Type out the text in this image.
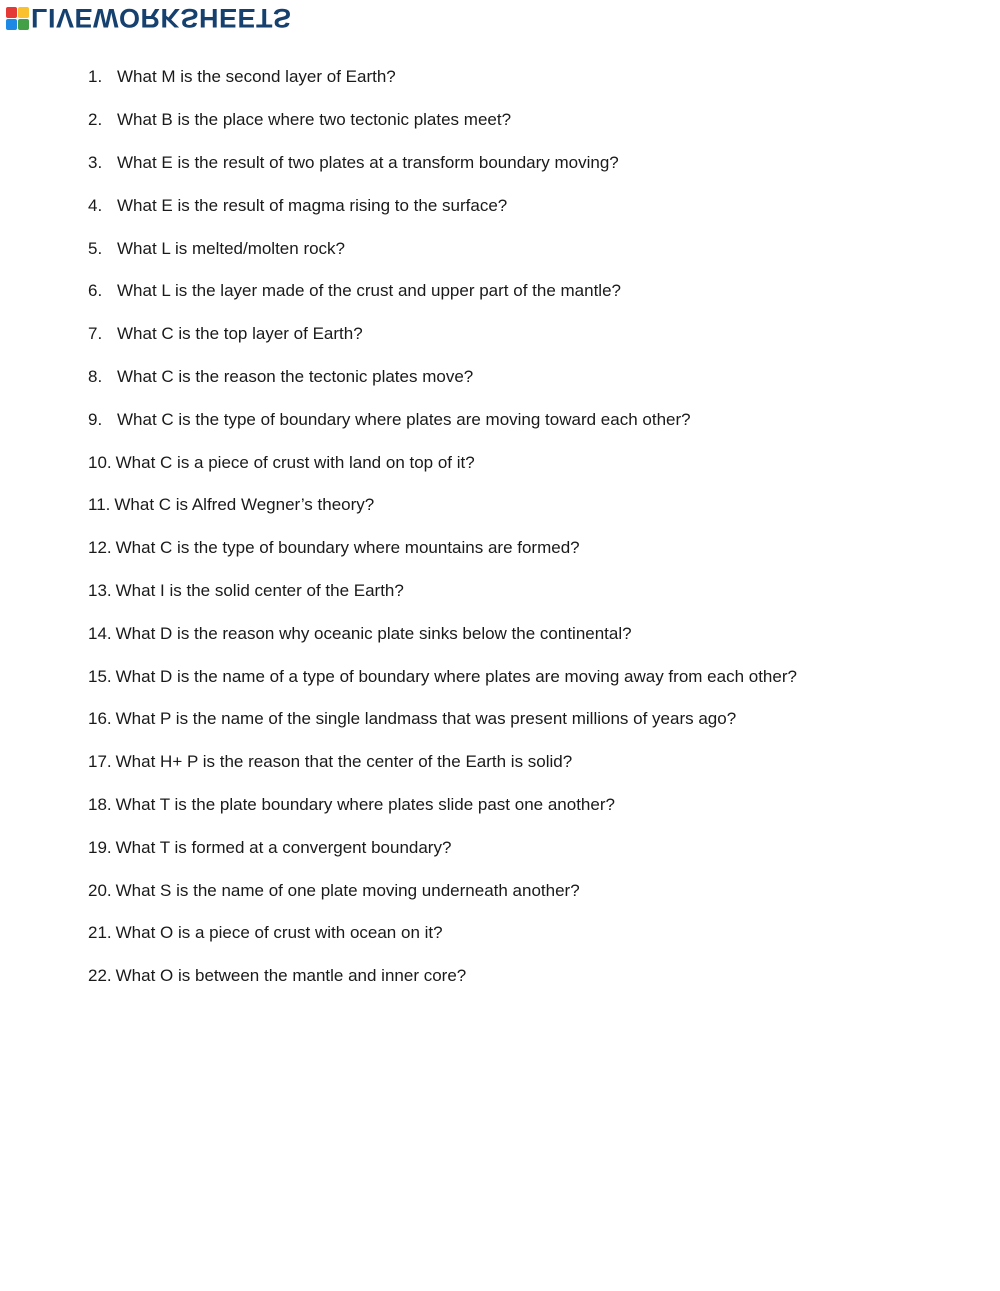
LIVEWORKSHEETS
1. What M is the second layer of Earth?
2. What B is the place where two tectonic plates meet?
3. What E is the result of two plates at a transform boundary moving?
4. What E is the result of magma rising to the surface?
5. What L is melted/molten rock?
6. What L is the layer made of the crust and upper part of the mantle?
7. What C is the top layer of Earth?
8. What C is the reason the tectonic plates move?
9. What C is the type of boundary where plates are moving toward each other?
10. What C is a piece of crust with land on top of it?
11. What C is Alfred Wegner’s theory?
12. What C is the type of boundary where mountains are formed?
13. What I is the solid center of the Earth?
14. What D is the reason why oceanic plate sinks below the continental?
15. What D is the name of a type of boundary where plates are moving away from each other?
16. What P is the name of the single landmass that was present millions of years ago?
17. What H+ P is the reason that the center of the Earth is solid?
18. What T is the plate boundary where plates slide past one another?
19. What T is formed at a convergent boundary?
20. What S is the name of one plate moving underneath another?
21. What O is a piece of crust with ocean on it?
22. What O is between the mantle and inner core?
